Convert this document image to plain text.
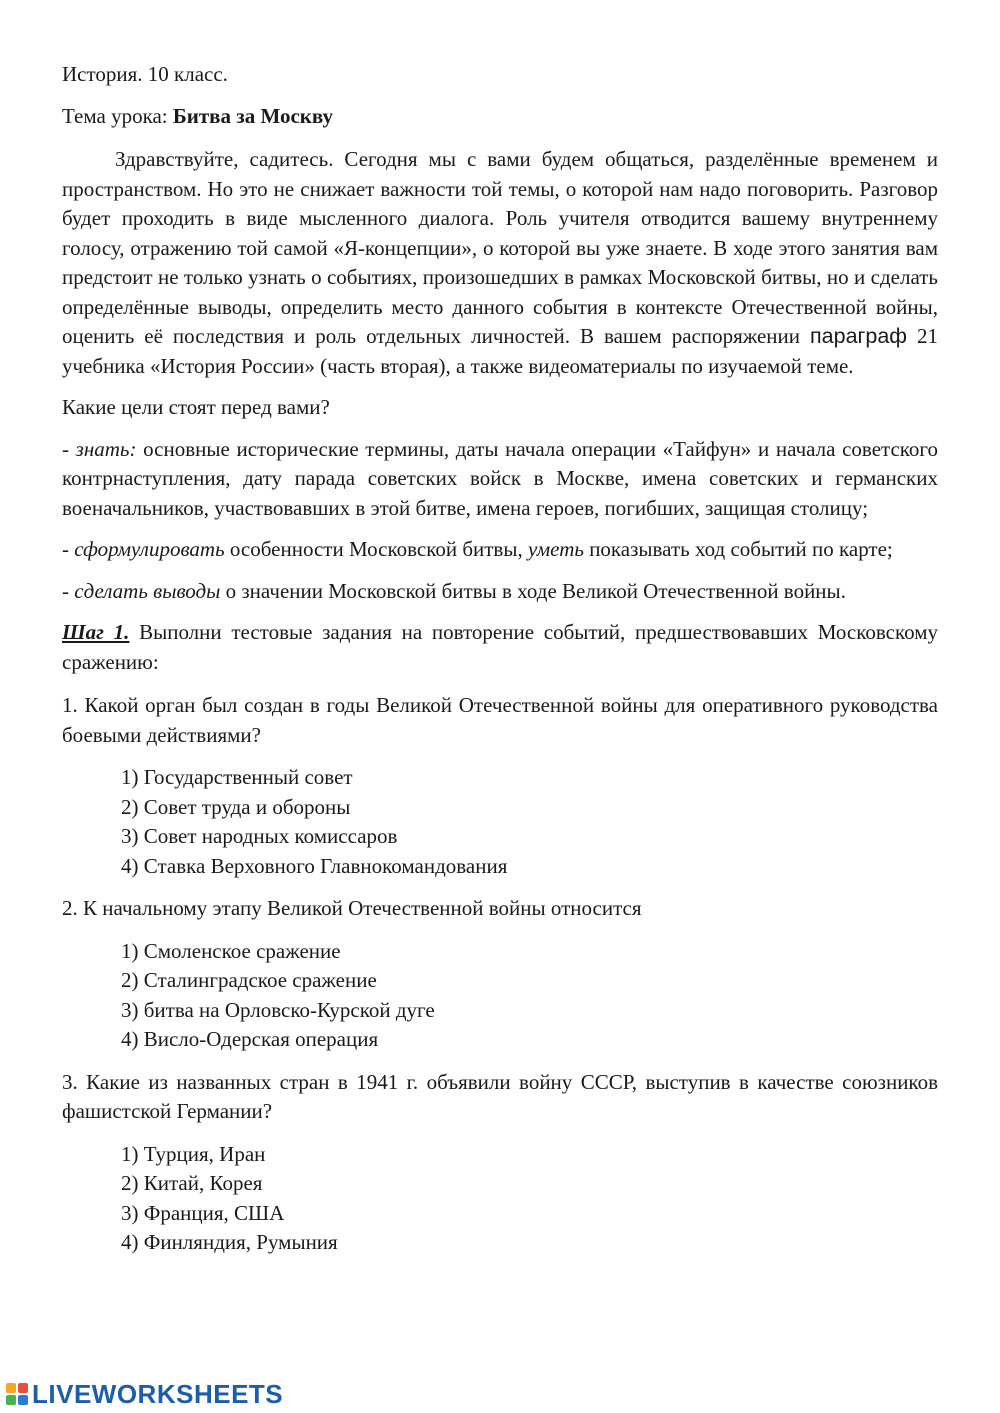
История. 10 класс.

Тема урока: Битва за Москву

Здравствуйте, садитесь. Сегодня мы с вами будем общаться, разделённые временем и пространством. Но это не снижает важности той темы, о которой нам надо поговорить. Разговор будет проходить в виде мысленного диалога. Роль учителя отводится вашему внутреннему голосу, отражению той самой «Я-концепции», о которой вы уже знаете. В ходе этого занятия вам предстоит не только узнать о событиях, произошедших в рамках Московской битвы, но и сделать определённые выводы, определить место данного события в контексте Отечественной войны, оценить её последствия и роль отдельных личностей. В вашем распоряжении параграф 21 учебника «История России» (часть вторая), а также видеоматериалы по изучаемой теме.

Какие цели стоят перед вами?

- знать: основные исторические термины, даты начала операции «Тайфун» и начала советского контрнаступления, дату парада советских войск в Москве, имена советских и германских военачальников, участвовавших в этой битве, имена героев, погибших, защищая столицу;

- сформулировать особенности Московской битвы, уметь показывать ход событий по карте;

- сделать выводы о значении Московской битвы в ходе Великой Отечественной войны.

Шаг 1. Выполни тестовые задания на повторение событий, предшествовавших Московскому сражению:

1. Какой орган был создан в годы Великой Отечественной войны для оперативного руководства боевыми действиями?

1) Государственный совет
2) Совет труда и обороны
3) Совет народных комиссаров
4) Ставка Верховного Главнокомандования

2. К начальному этапу Великой Отечественной войны относится

1) Смоленское сражение
2) Сталинградское сражение
3) битва на Орловско-Курской дуге
4) Висло-Одерская операция

3. Какие из названных стран в 1941 г. объявили войну СССР, выступив в качестве союзников фашистской Германии?

1) Турция, Иран
2) Китай, Корея
3) Франция, США
4) Финляндия, Румыния
LIVEWORKSHEETS
